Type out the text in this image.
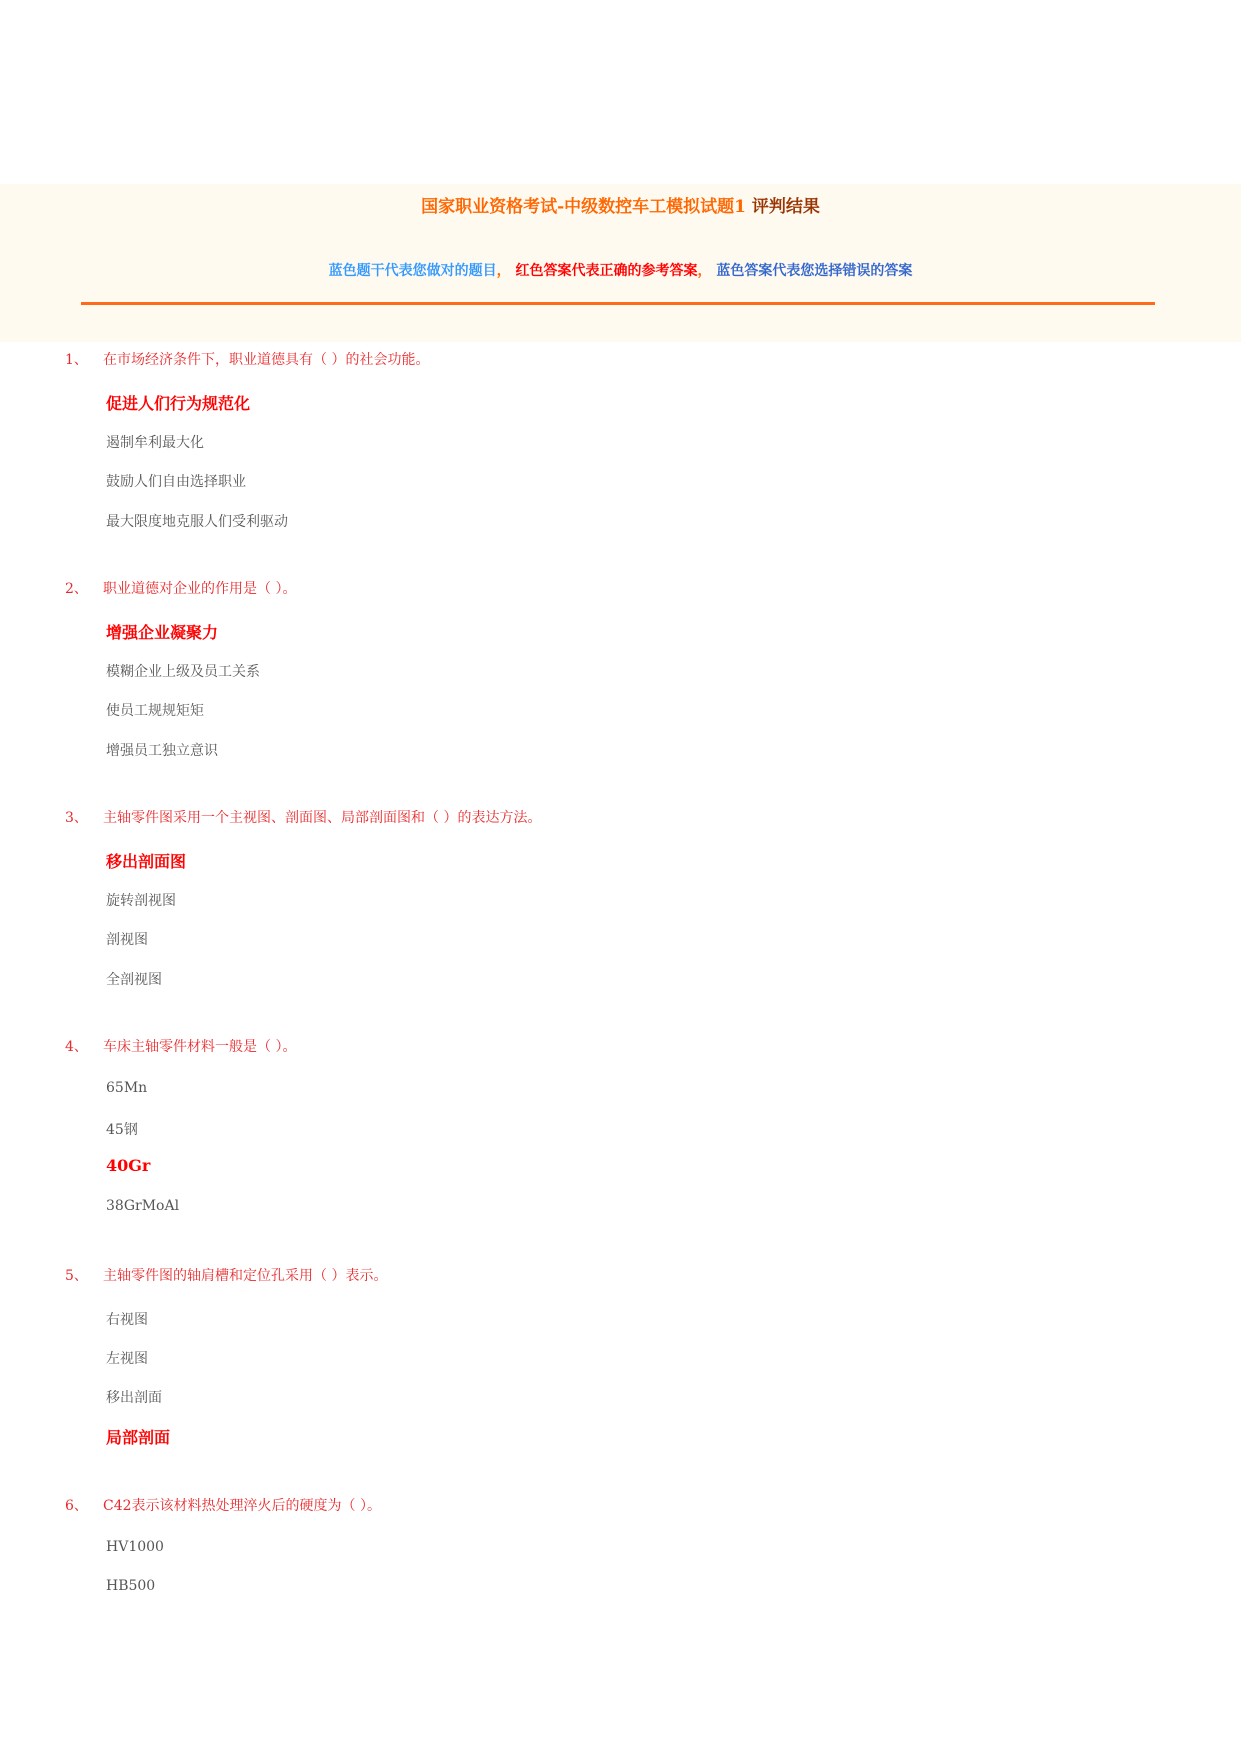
国家职业资格考试-中级数控车工模拟试题1 评判结果
蓝色题干代表您做对的题目， 红色答案代表正确的参考答案， 蓝色答案代表您选择错误的答案
1、 在市场经济条件下，职业道德具有（ ）的社会功能。
促进人们行为规范化
遏制牟利最大化
鼓励人们自由选择职业
最大限度地克服人们受利驱动
2、 职业道德对企业的作用是（ ）。
增强企业凝聚力
模糊企业上级及员工关系
使员工规规矩矩
增强员工独立意识
3、 主轴零件图采用一个主视图、剖面图、局部剖面图和（ ）的表达方法。
移出剖面图
旋转剖视图
剖视图
全剖视图
4、 车床主轴零件材料一般是（ ）。
65Mn
45钢
40Gr
38GrMoAl
5、 主轴零件图的轴肩槽和定位孔采用（ ）表示。
右视图
左视图
移出剖面
局部剖面
6、 C42表示该材料热处理淬火后的硬度为（ ）。
HV1000
HB500
